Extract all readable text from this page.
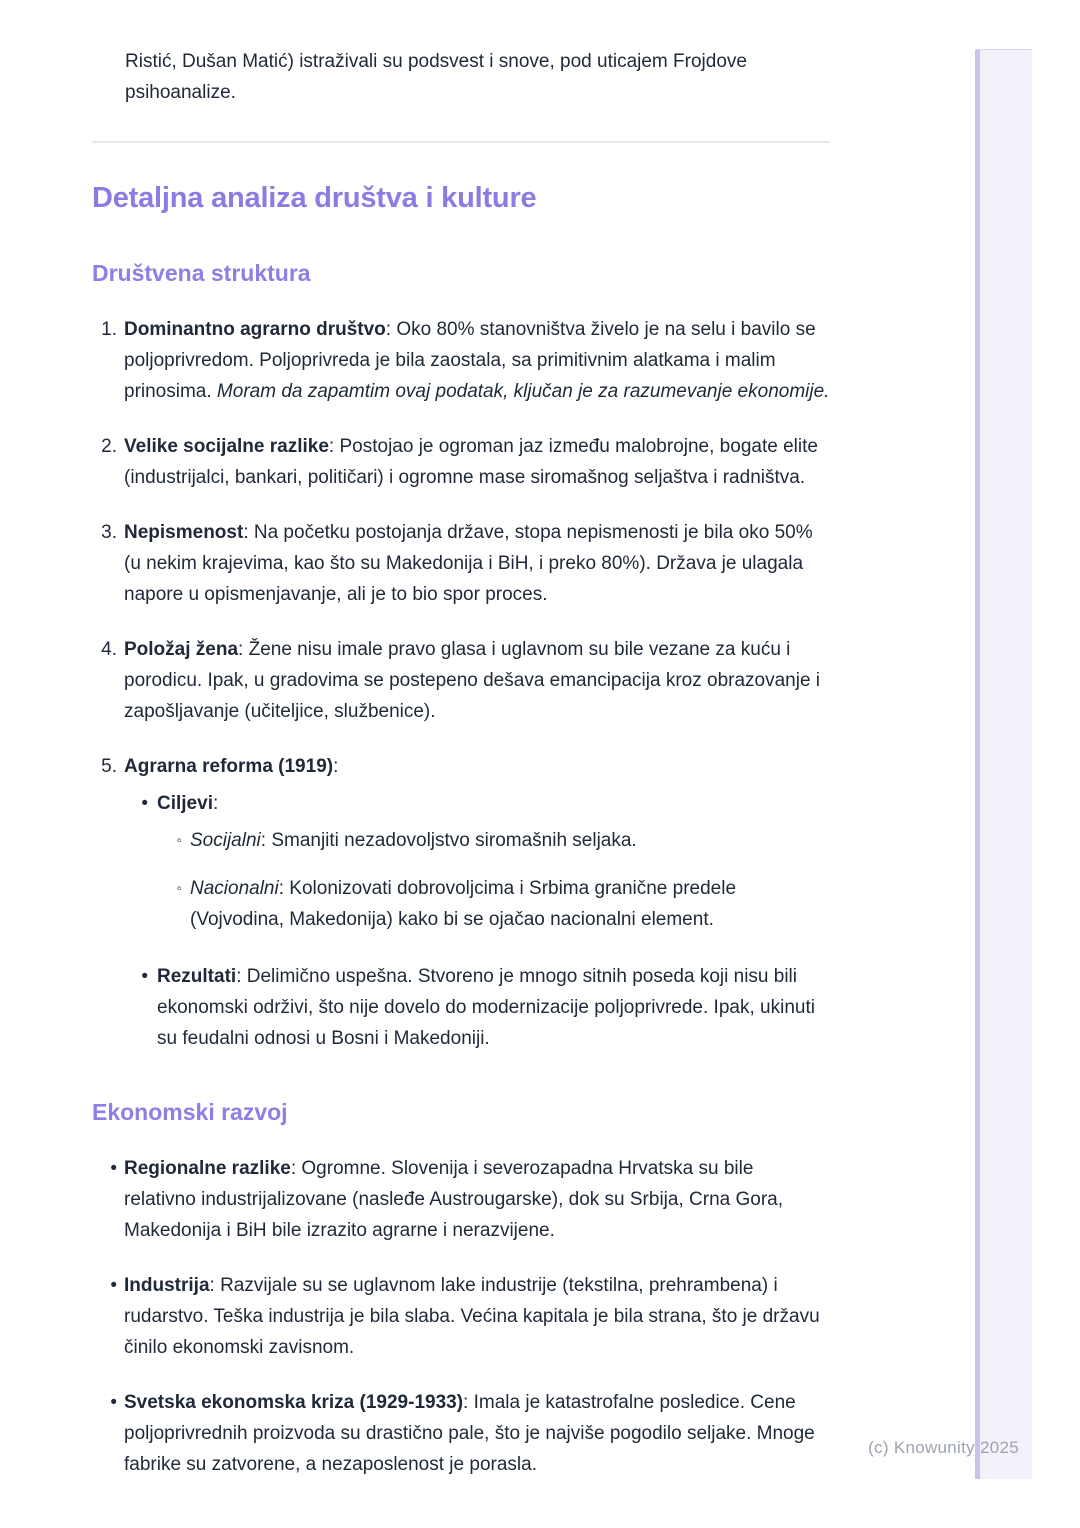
(c) Knowunity 2025

Ristić, Dušan Matić) istraživali su podsvest i snove, pod uticajem Frojdove psihoanalize.

Detaljna analiza društva i kulture
Društvena struktura
1. Dominantno agrarno društvo: Oko 80% stanovništva živelo je na selu i bavilo se poljoprivredom. Poljoprivreda je bila zaostala, sa primitivnim alatkama i malim prinosima. Moram da zapamtim ovaj podatak, ključan je za razumevanje ekonomije.
2. Velike socijalne razlike: Postojao je ogroman jaz između malobrojne, bogate elite (industrijalci, bankari, političari) i ogromne mase siromašnog seljaštva i radništva.
3. Nepismenost: Na početku postojanja države, stopa nepismenosti je bila oko 50% (u nekim krajevima, kao što su Makedonija i BiH, i preko 80%). Država je ulagala napore u opismenjavanje, ali je to bio spor proces.
4. Položaj žena: Žene nisu imale pravo glasa i uglavnom su bile vezane za kuću i porodicu. Ipak, u gradovima se postepeno dešava emancipacija kroz obrazovanje i zapošljavanje (učiteljice, službenice).
5. Agrarna reforma (1919):
• Ciljevi:
◦ Socijalni: Smanjiti nezadovoljstvo siromašnih seljaka.
◦ Nacionalni: Kolonizovati dobrovoljcima i Srbima granične predele (Vojvodina, Makedonija) kako bi se ojačao nacionalni element.
• Rezultati: Delimično uspešna. Stvoreno je mnogo sitnih poseda koji nisu bili ekonomski održivi, što nije dovelo do modernizacije poljoprivrede. Ipak, ukinuti su feudalni odnosi u Bosni i Makedoniji.
Ekonomski razvoj
• Regionalne razlike: Ogromne. Slovenija i severozapadna Hrvatska su bile relativno industrijalizovane (nasleđe Austrougarske), dok su Srbija, Crna Gora, Makedonija i BiH bile izrazito agrarne i nerazvijene.
• Industrija: Razvijale su se uglavnom lake industrije (tekstilna, prehrambena) i rudarstvo. Teška industrija je bila slaba. Većina kapitala je bila strana, što je državu činilo ekonomski zavisnom.
• Svetska ekonomska kriza (1929-1933): Imala je katastrofalne posledice. Cene poljoprivrednih proizvoda su drastično pale, što je najviše pogodilo seljake. Mnoge fabrike su zatvorene, a nezaposlenost je porasla.
